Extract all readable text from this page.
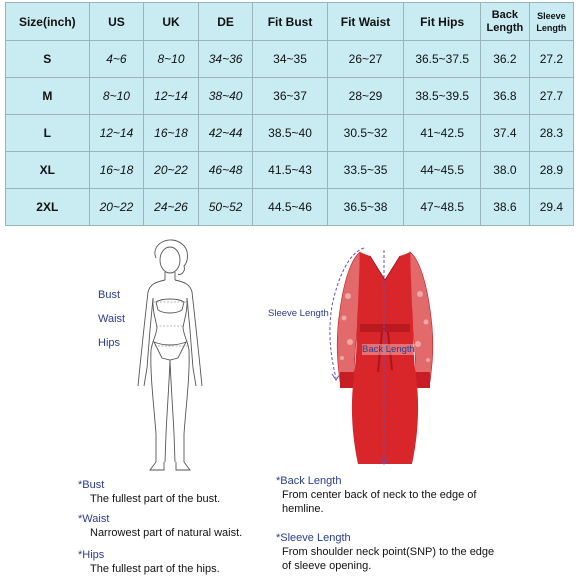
Size(inch)	US	UK	DE	Fit Bust	Fit Waist	Fit Hips	Back Length	Sleeve Length
S	4~6	8~10	34~36	34~35	26~27	36.5~37.5	36.2	27.2
M	8~10	12~14	38~40	36~37	28~29	38.5~39.5	36.8	27.7
L	12~14	16~18	42~44	38.5~40	30.5~32	41~42.5	37.4	28.3
XL	16~18	20~22	46~48	41.5~43	33.5~35	44~45.5	38.0	28.9
2XL	20~22	24~26	50~52	44.5~46	36.5~38	47~48.5	38.6	29.4
Bust
Waist
Hips
Sleeve Length
Back Length
*Bust
The fullest part of the bust.
*Waist
Narrowest part of natural waist.
*Hips
The fullest part of the hips.
*Back Length
From center back of neck to the edge of hemline.
*Sleeve Length
From shoulder neck point(SNP) to the edge of sleeve opening.
